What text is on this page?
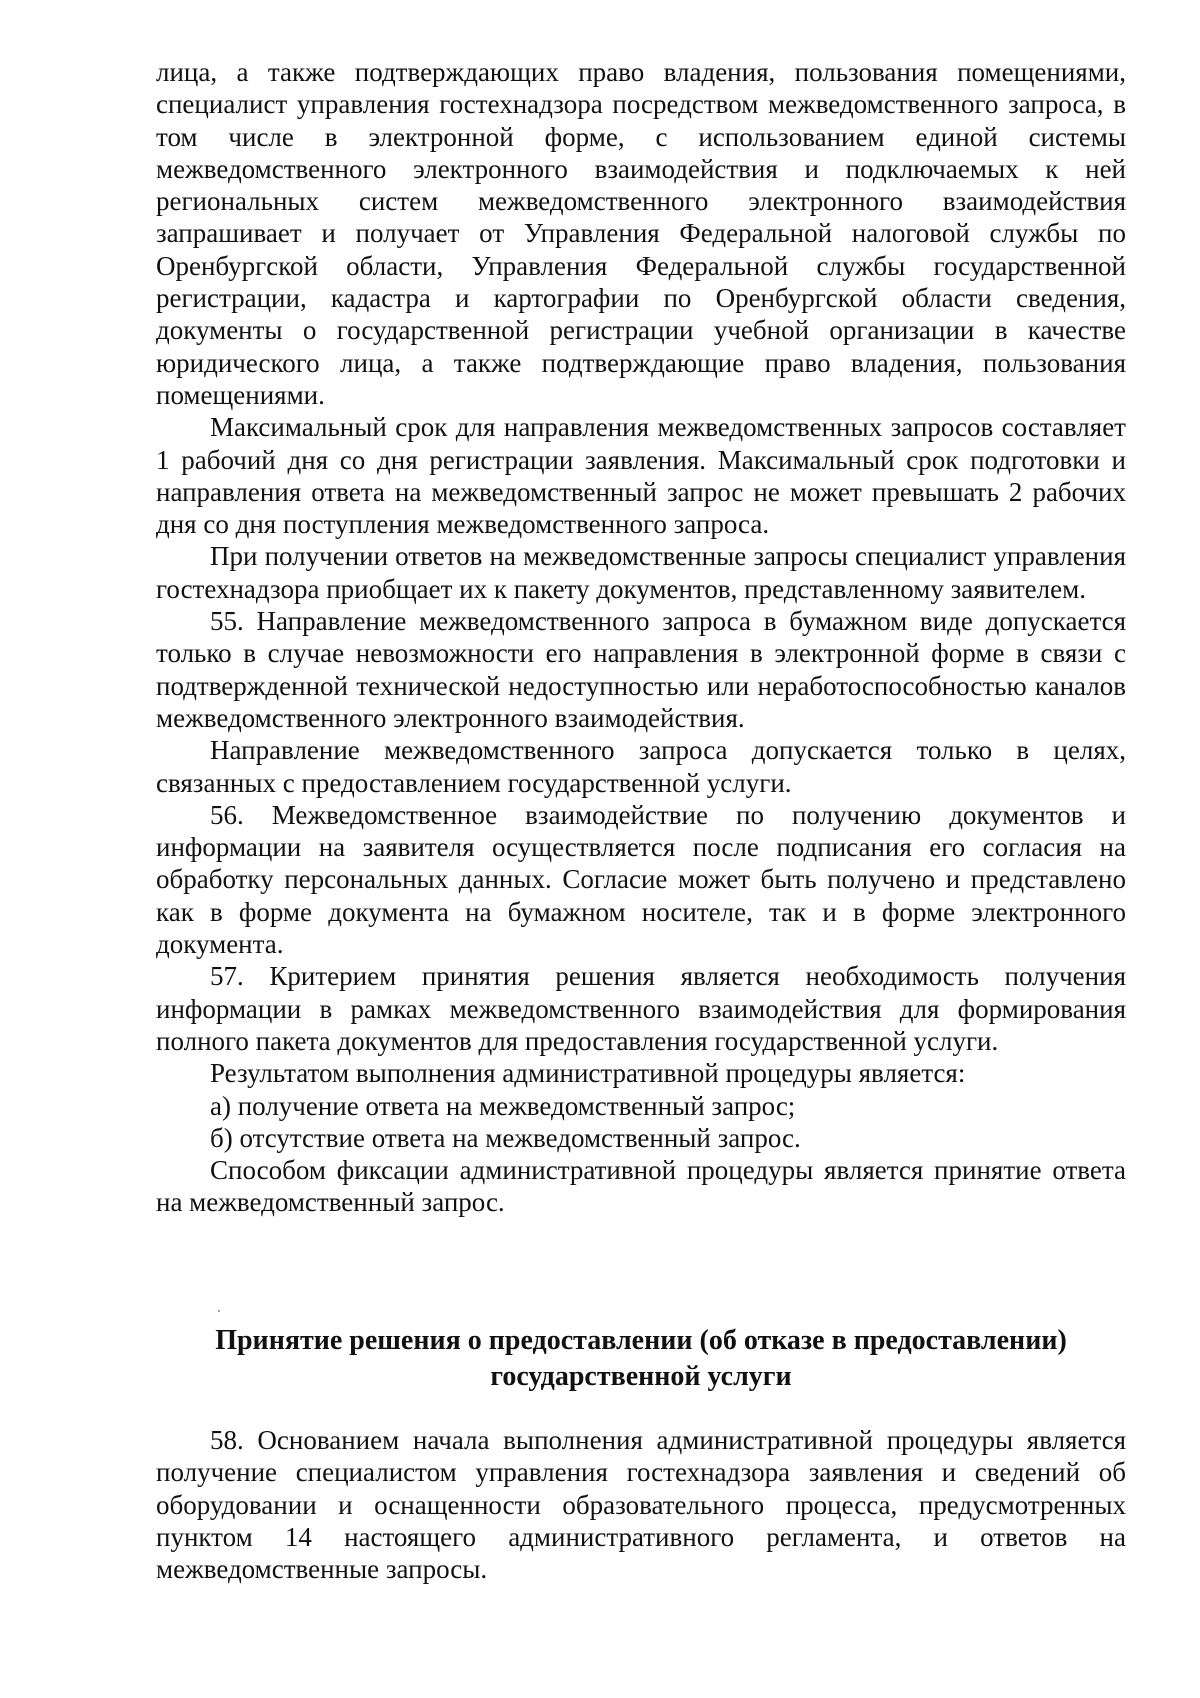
лица, а также подтверждающих право владения, пользования помещениями, специалист управления гостехнадзора посредством межведомственного запроса, в том числе в электронной форме, с использованием единой системы межведомственного электронного взаимодействия и подключаемых к ней региональных систем межведомственного электронного взаимодействия запрашивает и получает от Управления Федеральной налоговой службы по Оренбургской области, Управления Федеральной службы государственной регистрации, кадастра и картографии по Оренбургской области сведения, документы о государственной регистрации учебной организации в качестве юридического лица, а также подтверждающие право владения, пользования помещениями.

Максимальный срок для направления межведомственных запросов составляет 1 рабочий дня со дня регистрации заявления. Максимальный срок подготовки и направления ответа на межведомственный запрос не может превышать 2 рабочих дня со дня поступления межведомственного запроса.

При получении ответов на межведомственные запросы специалист управления гостехнадзора приобщает их к пакету документов, представленному заявителем.

55. Направление межведомственного запроса в бумажном виде допускается только в случае невозможности его направления в электронной форме в связи с подтвержденной технической недоступностью или неработоспособностью каналов межведомственного электронного взаимодействия.

Направление межведомственного запроса допускается только в целях, связанных с предоставлением государственной услуги.

56. Межведомственное взаимодействие по получению документов и информации на заявителя осуществляется после подписания его согласия на обработку персональных данных. Согласие может быть получено и представлено как в форме документа на бумажном носителе, так и в форме электронного документа.

57. Критерием принятия решения является необходимость получения информации в рамках межведомственного взаимодействия для формирования полного пакета документов для предоставления государственной услуги.

Результатом выполнения административной процедуры является:

а) получение ответа на межведомственный запрос;

б) отсутствие ответа на межведомственный запрос.

Способом фиксации административной процедуры является принятие ответа на межведомственный запрос.

Принятие решения о предоставлении (об отказе в предоставлении) государственной услуги

58. Основанием начала выполнения административной процедуры является получение специалистом управления гостехнадзора заявления и сведений об оборудовании и оснащенности образовательного процесса, предусмотренных пунктом 14 настоящего административного регламента, и ответов на межведомственные запросы.
